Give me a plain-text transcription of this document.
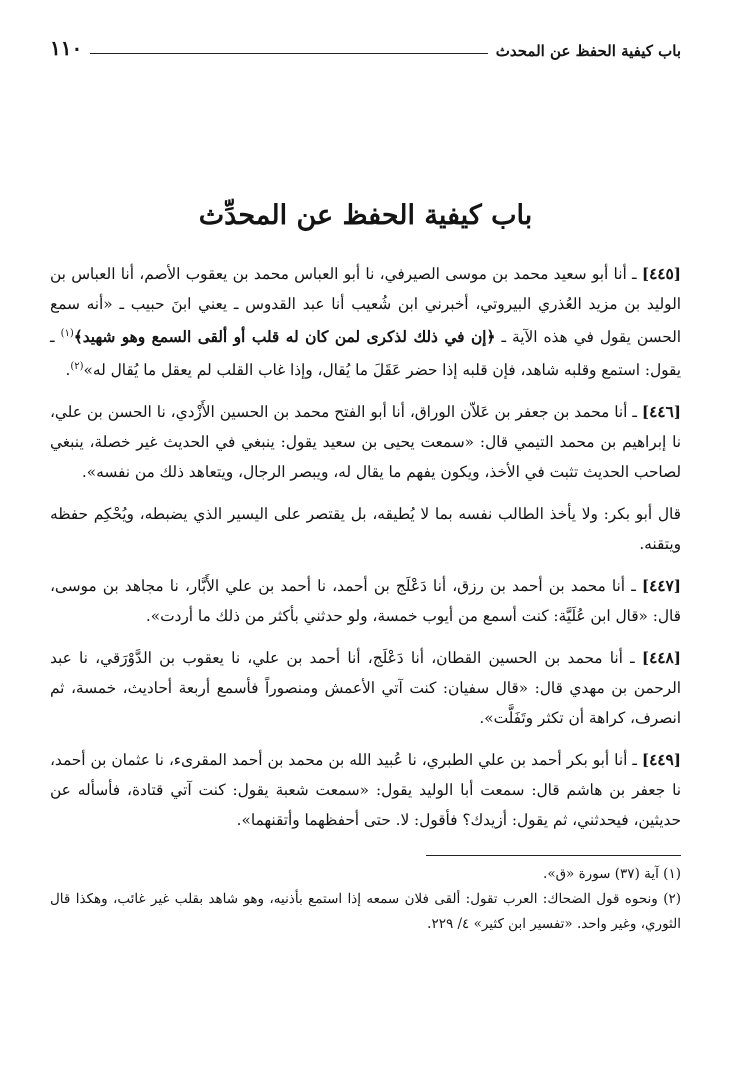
باب كيفية الحفظ عن المحدث
١١٠
باب كيفية الحفظ عن المحدِّث

[٤٤٥] ـ أنا أبو سعيد محمد بن موسى الصيرفي، نا أبو العباس محمد بن يعقوب الأصم، أنا العباس بن الوليد بن مزيد العُذري البيروتي، أخبرني ابن شُعيب أنا عبد القدوس ـ يعني ابنَ حبيب ـ «أنه سمع الحسن يقول في هذه الآية ـ ﴿إن في ذلك لذكرى لمن كان له قلب أو ألقى السمع وهو شهيد﴾$^{(١)}$ ـ يقول: استمع وقلبه شاهد، فإن قلبه إذا حضر عَقَلَ ما يُقال، وإذا غاب القلب لم يعقل ما يُقال له»$^{(٢)}$.

[٤٤٦] ـ أنا محمد بن جعفر بن عَلاّن الوراق، أنا أبو الفتح محمد بن الحسين الأَزْدي، نا الحسن بن علي، نا إبراهيم بن محمد التيمي قال: «سمعت يحيى بن سعيد يقول: ينبغي في الحديث غير خصلة، ينبغي لصاحب الحديث تثبت في الأخذ، ويكون يفهم ما يقال له، ويبصر الرجال، ويتعاهد ذلك من نفسه».

قال أبو بكر: ولا يأخذ الطالب نفسه بما لا يُطيقه، بل يقتصر على اليسير الذي يضبطه، ويُحْكِم حفظه ويتقنه.

[٤٤٧] ـ أنا محمد بن أحمد بن رزق، أنا دَعْلَج بن أحمد، نا أحمد بن علي الأَبَّار، نا مجاهد بن موسى، قال: «قال ابن عُلَيَّة: كنت أسمع من أيوب خمسة، ولو حدثني بأكثر من ذلك ما أردت».

[٤٤٨] ـ أنا محمد بن الحسين القطان، أنا دَعْلَج، أنا أحمد بن علي، نا يعقوب بن الدَّوْرَقي، نا عبد الرحمن بن مهدي قال: «قال سفيان: كنت آتي الأعمش ومنصوراً فأسمع أربعة أحاديث، خمسة، ثم انصرف، كراهة أن تكثر وتَفَلَّت».

[٤٤٩] ـ أنا أبو بكر أحمد بن علي الطبري، نا عُبيد الله بن محمد بن أحمد المقرىء، نا عثمان بن أحمد، نا جعفر بن هاشم قال: سمعت أبا الوليد يقول: «سمعت شعبة يقول: كنت آتي قتادة، فأسأله عن حديثين، فيحدثني، ثم يقول: أزيدك؟ فأقول: لا. حتى أحفظهما وأتقنهما».

(١) آية (٣٧) سورة «ق».

(٢) ونحوه قول الضحاك: العرب تقول: ألقى فلان سمعه إذا استمع بأذنيه، وهو شاهد بقلب غير غائب، وهكذا قال الثوري، وغير واحد. «تفسير ابن كثير» ٤/ ٢٢٩.
